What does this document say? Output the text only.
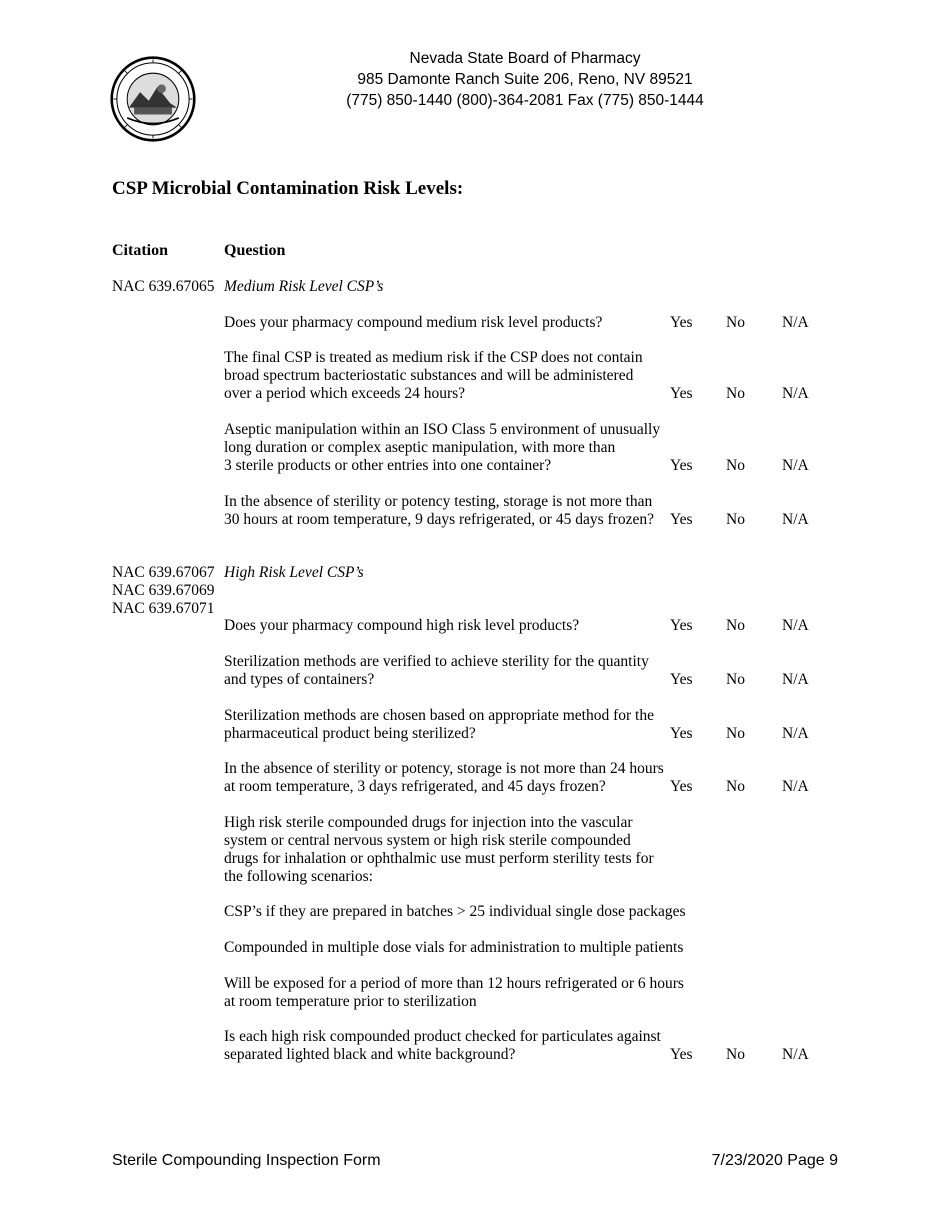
Nevada State Board of Pharmacy
985 Damonte Ranch Suite 206, Reno, NV 89521
(775) 850-1440 (800)-364-2081 Fax (775) 850-1444
CSP Microbial Contamination Risk Levels:
Citation	Question
NAC 639.67065 Medium Risk Level CSP’s
Does your pharmacy compound medium risk level products?	Yes No N/A
The final CSP is treated as medium risk if the CSP does not contain
broad spectrum bacteriostatic substances and will be administered
over a period which exceeds 24 hours?	Yes No N/A
Aseptic manipulation within an ISO Class 5 environment of unusually
long duration or complex aseptic manipulation, with more than
3 sterile products or other entries into one container?	Yes No N/A
In the absence of sterility or potency testing, storage is not more than
30 hours at room temperature, 9 days refrigerated, or 45 days frozen?	Yes No N/A
NAC 639.67067
NAC 639.67069
NAC 639.67071
High Risk Level CSP’s
Does your pharmacy compound high risk level products?	Yes No N/A
Sterilization methods are verified to achieve sterility for the quantity
and types of containers?	Yes No N/A
Sterilization methods are chosen based on appropriate method for the
pharmaceutical product being sterilized?	Yes No N/A
In the absence of sterility or potency, storage is not more than 24 hours
at room temperature, 3 days refrigerated, and 45 days frozen?	Yes No N/A
High risk sterile compounded drugs for injection into the vascular
system or central nervous system or high risk sterile compounded
drugs for inhalation or ophthalmic use must perform sterility tests for
the following scenarios:
CSP’s if they are prepared in batches > 25 individual single dose packages
Compounded in multiple dose vials for administration to multiple patients
Will be exposed for a period of more than 12 hours refrigerated or 6 hours
at room temperature prior to sterilization
Is each high risk compounded product checked for particulates against
separated lighted black and white background?	Yes No N/A
Sterile Compounding Inspection Form	7/23/2020 Page 9
